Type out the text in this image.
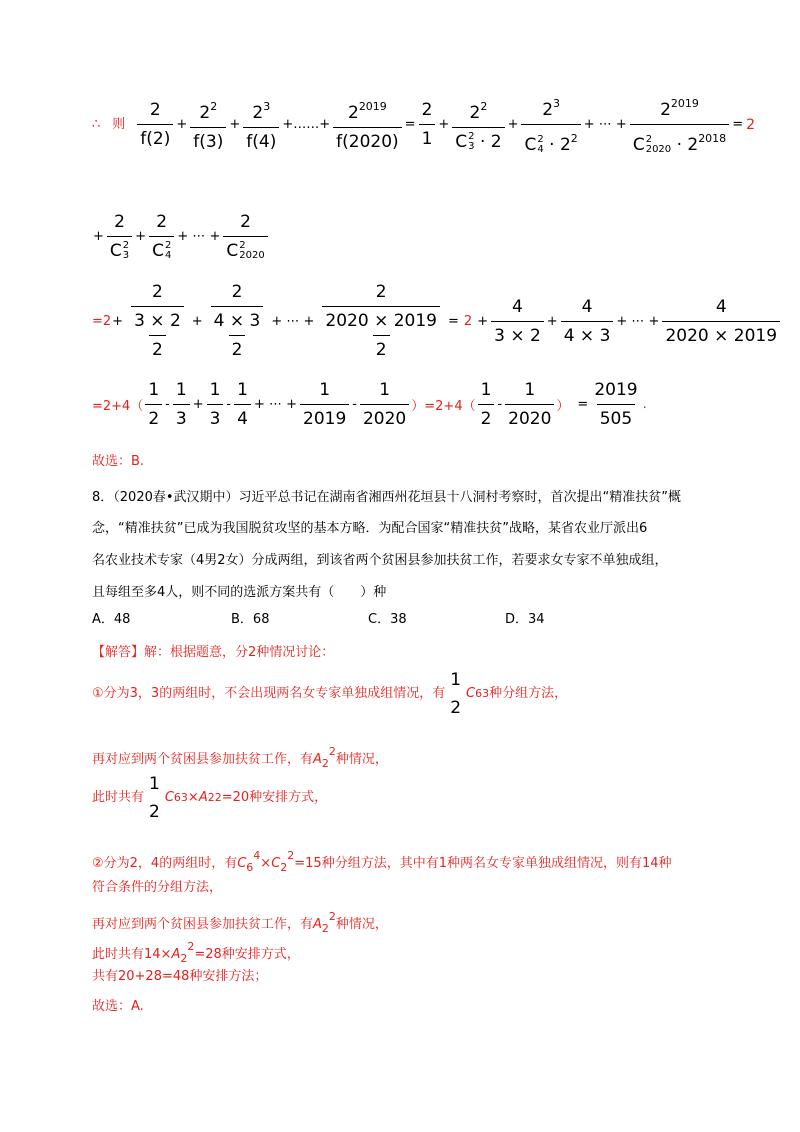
∴ 则 $\frac{2}{f(2)} + \frac{2^2}{f(3)} + \frac{2^3}{f(4)}$ +……+ $\frac{2^{2019}}{f(2020)} = \frac{2}{1} + 2^2$
C 2
$3 \cdot 2 + 2^3$
C 2
$4 \cdot 2^2$ + ⋯ + $2^{2019}$
C 2
$2020 \cdot 2^{2018} = 2$
+ 2
C 2
3 + 2
C 2
4 + ⋯ + 2
C 2
2020
$=2 + \frac{\frac{2}{3 \times 2}}{2} + \frac{\frac{2}{4 \times 3}}{2}$ + ⋯ + $\frac{\frac{2}{2020 \times 2019}}{2} = 2 + \frac{4}{3 \times 2} + \frac{4}{4 \times 3}$ + ⋯ + $\frac{4}{2020 \times 2019}$
$=2+4( \frac{1}{2} - \frac{1}{3} + \frac{1}{3} - \frac{1}{4}$ + ⋯ + $\frac{1}{2019} - \frac{1}{2020}$ ） $=2+4( \frac{1}{2} - \frac{1}{2020}$ ） = $\frac{2019}{505}$ .
故选：B.
8．（2020春•武汉期中）习近平总书记在湖南省湘西州花垣县十八洞村考察时，首次提出“精准扶贫”概
念，“精准扶贫”已成为我国脱贫攻坚的基本方略．为配合国家“精准扶贫”战略，某省农业厅派出6
名农业技术专家（4男2女）分成两组，到该省两个贫困县参加扶贫工作，若要求女专家不单独成组，
且每组至多4人，则不同的选派方案共有（　　）种
A．48	B．68	C．38	D．34
【解答】解：根据题意，分2种情况讨论：
①分为3，3的两组时，不会出现两名女专家单独成组情况，有
1
2
C 6 3 种分组方法，
再对应到两个贫困县参加扶贫工作，有$A_2^2$种情况，
此时共有
1
2
C 6 3 × A 2 2 =20种安排方式，
②分为2，4的两组时，有$C_6^4\times C_2^2=15$种分组方法，其中有1种两名女专家单独成组情况，则有14种
符合条件的分组方法，
再对应到两个贫困县参加扶贫工作，有$A_2^2$种情况，
此时共有$14\times A_2^2=28$种安排方式，
共有20+28=48种安排方法；
故选：A.
